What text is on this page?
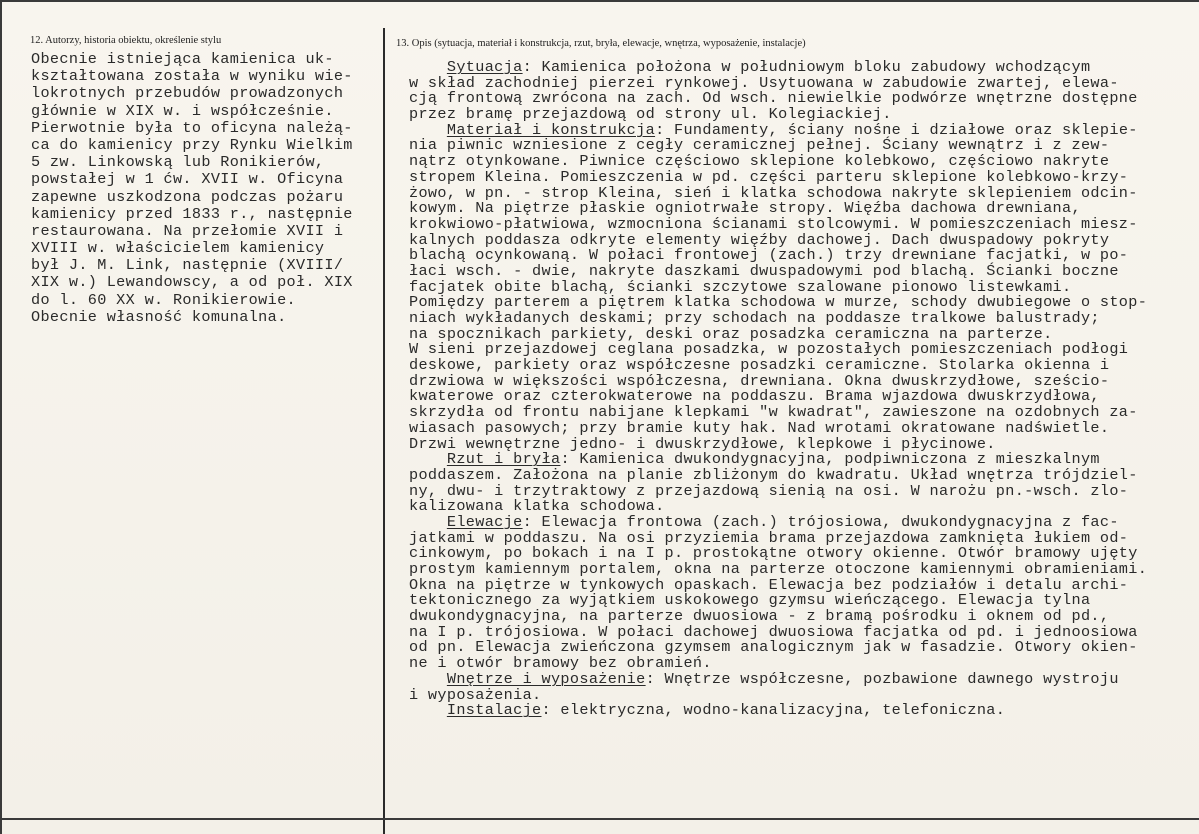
12. Autorzy, historia obiektu, określenie stylu	13. Opis (sytuacja, materiał i konstrukcja, rzut, bryła, elewacje, wnętrza, wyposażenie, instalacje)
Obecnie istniejąca kamienica uk-
kształtowana została w wyniku wie-
lokrotnych przebudów prowadzonych
głównie w XIX w. i współcześnie.
Pierwotnie była to oficyna należą-
ca do kamienicy przy Rynku Wielkim
5 zw. Linkowską lub Ronikierów,
powstałej w 1 ćw. XVII w. Oficyna
zapewne uszkodzona podczas pożaru
kamienicy przed 1833 r., następnie
restaurowana. Na przełomie XVII i
XVIII w. właścicielem kamienicy
był J. M. Link, następnie (XVIII/
XIX w.) Lewandowscy, a od poł. XIX
do l. 60 XX w. Ronikierowie.
Obecnie własność komunalna.
Sytuacja: Kamienica położona w południowym bloku zabudowy wchodzącym
w skład zachodniej pierzei rynkowej. Usytuowana w zabudowie zwartej, elewa-
cją frontową zwrócona na zach. Od wsch. niewielkie podwórze wnętrzne dostępne
przez bramę przejazdową od strony ul. Kolegiackiej.
Materiał i konstrukcja: Fundamenty, ściany nośne i działowe oraz sklepie-
nia piwnic wzniesione z cegły ceramicznej pełnej. Ściany wewnątrz i z zew-
nątrz otynkowane. Piwnice częściowo sklepione kolebkowo, częściowo nakryte
stropem Kleina. Pomieszczenia w pd. części parteru sklepione kolebkowo-krzy-
żowo, w pn. - strop Kleina, sień i klatka schodowa nakryte sklepieniem odcin-
kowym. Na piętrze płaskie ogniotrwałe stropy. Więźba dachowa drewniana,
krokwiowo-płatwiowa, wzmocniona ścianami stolcowymi. W pomieszczeniach miesz-
kalnych poddasza odkryte elementy więźby dachowej. Dach dwuspadowy pokryty
blachą ocynkowaną. W połaci frontowej (zach.) trzy drewniane facjatki, w po-
łaci wsch. - dwie, nakryte daszkami dwuspadowymi pod blachą. Ścianki boczne
facjatek obite blachą, ścianki szczytowe szalowane pionowo listewkami.
Pomiędzy parterem a piętrem klatka schodowa w murze, schody dwubiegowe o stop-
niach wykładanych deskami; przy schodach na poddasze tralkowe balustrady;
na spocznikach parkiety, deski oraz posadzka ceramiczna na parterze.
W sieni przejazdowej ceglana posadzka, w pozostałych pomieszczeniach podłogi
deskowe, parkiety oraz współczesne posadzki ceramiczne. Stolarka okienna i
drzwiowa w większości współczesna, drewniana. Okna dwuskrzydłowe, sześcio-
kwaterowe oraz czterokwaterowe na poddaszu. Brama wjazdowa dwuskrzydłowa,
skrzydła od frontu nabijane klepkami "w kwadrat", zawieszone na ozdobnych za-
wiasach pasowych; przy bramie kuty hak. Nad wrotami okratowane nadświetle.
Drzwi wewnętrzne jedno- i dwuskrzydłowe, klepkowe i płycinowe.
Rzut i bryła: Kamienica dwukondygnacyjna, podpiwniczona z mieszkalnym
poddaszem. Założona na planie zbliżonym do kwadratu. Układ wnętrza trójdziel-
ny, dwu- i trzytraktowy z przejazdową sienią na osi. W narożu pn.-wsch. zlo-
kalizowana klatka schodowa.
Elewacje: Elewacja frontowa (zach.) trójosiowa, dwukondygnacyjna z fac-
jatkami w poddaszu. Na osi przyziemia brama przejazdowa zamknięta łukiem od-
cinkowym, po bokach i na I p. prostokątne otwory okienne. Otwór bramowy ujęty
prostym kamiennym portalem, okna na parterze otoczone kamiennymi obramieniami.
Okna na piętrze w tynkowych opaskach. Elewacja bez podziałów i detalu archi-
tektonicznego za wyjątkiem uskokowego gzymsu wieńczącego. Elewacja tylna
dwukondygnacyjna, na parterze dwuosiowa - z bramą pośrodku i oknem od pd.,
na I p. trójosiowa. W połaci dachowej dwuosiowa facjatka od pd. i jednoosiowa
od pn. Elewacja zwieńczona gzymsem analogicznym jak w fasadzie. Otwory okien-
ne i otwór bramowy bez obramień.
Wnętrze i wyposażenie: Wnętrze współczesne, pozbawione dawnego wystroju
i wyposażenia.
Instalacje: elektryczna, wodno-kanalizacyjna, telefoniczna.
